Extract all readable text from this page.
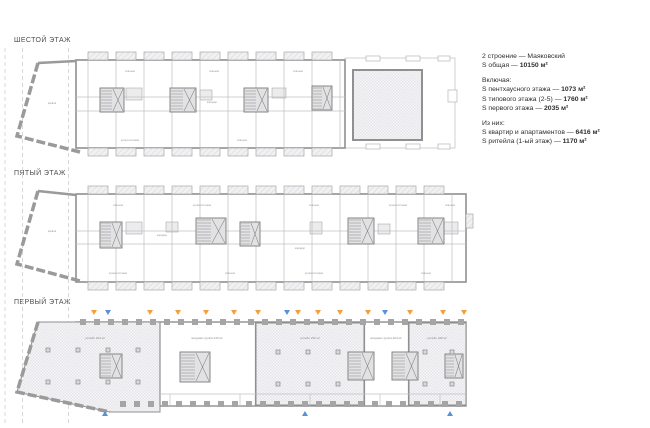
ШЕСТОЙ ЭТАЖ
ПЯТЫЙ ЭТАЖ
ПЕРВЫЙ ЭТАЖ
2 строение — Маяковский
S общая — 10150 м²
Включая:
S пентхаусного этажа — 1073 м²
S типового этажа (2-5) — 1760 м²
S первого этажа — 2035 м²
Из них:
S квартир и апартаментов — 6416 м²
S ритейла (1-ый этаж) — 1170 м²
кровля
спальня	спальня	спальня
кухня-гостиная	спальня
коридор
кровля
спальня	кухня-гостиная	спальня	кухня-гостиная	спальня
кухня-гостиная	спальня	кухня-гостиная	спальня
коридор
коридор
ритейл 204 м²	входная группа 215 м²	ритейл 230 м²	входная группа 224 м²	ритейл 228 м²
